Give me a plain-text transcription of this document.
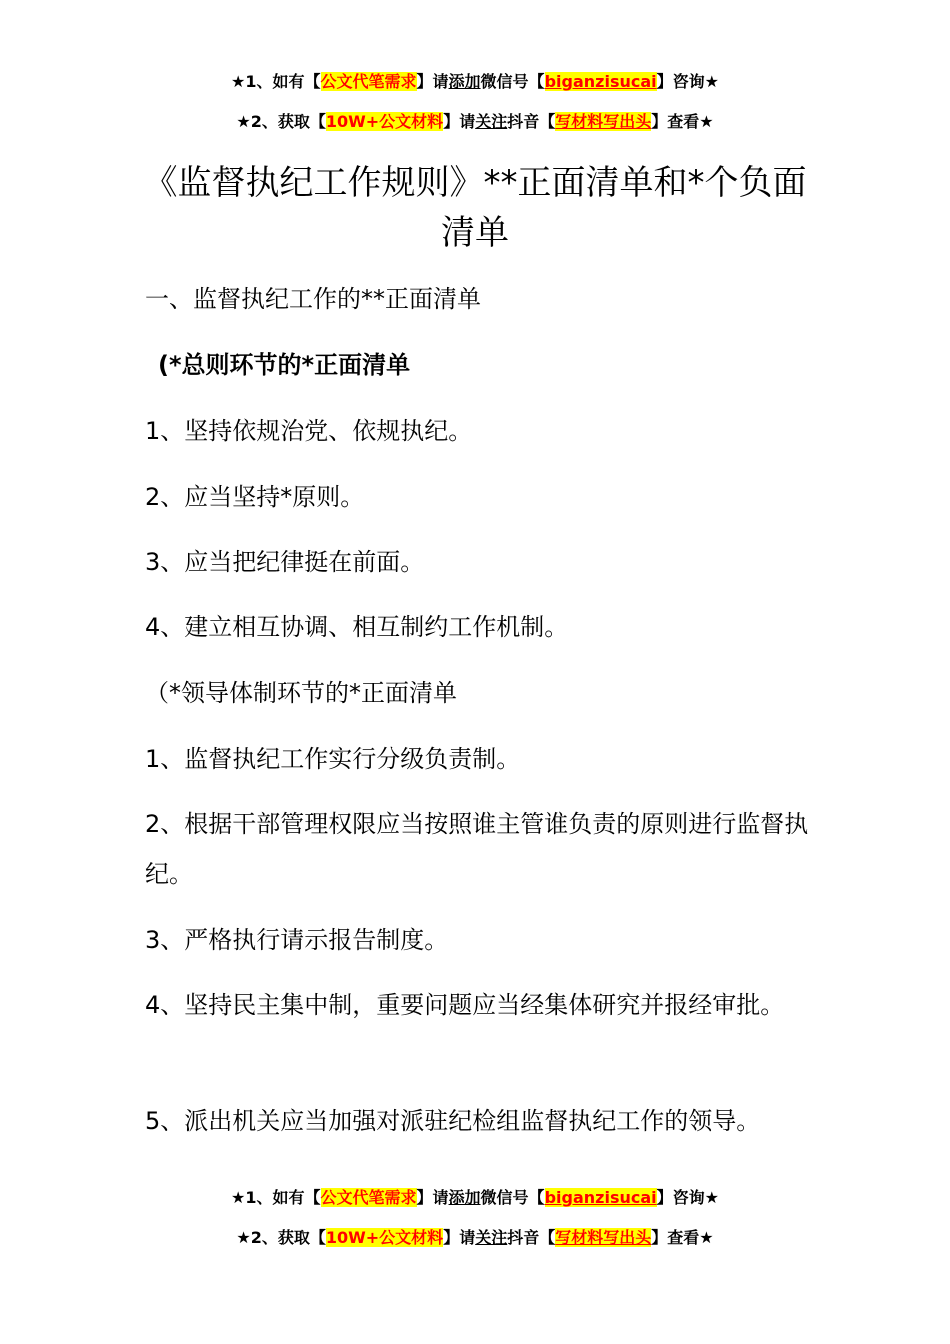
★1、如有【公文代笔需求】请添加微信号【biganzisucai】咨询★
★2、获取【10W+公文材料】请关注抖音【写材料写出头】查看★
《监督执纪工作规则》**正面清单和*个负面清单
一、监督执纪工作的**正面清单
(*总则环节的*正面清单
1、坚持依规治党、依规执纪。
2、应当坚持*原则。
3、应当把纪律挺在前面。
4、建立相互协调、相互制约工作机制。
（*领导体制环节的*正面清单
1、监督执纪工作实行分级负责制。
2、根据干部管理权限应当按照谁主管谁负责的原则进行监督执纪。
3、严格执行请示报告制度。
4、坚持民主集中制，重要问题应当经集体研究并报经审批。
5、派出机关应当加强对派驻纪检组监督执纪工作的领导。
★1、如有【公文代笔需求】请添加微信号【biganzisucai】咨询★
★2、获取【10W+公文材料】请关注抖音【写材料写出头】查看★
